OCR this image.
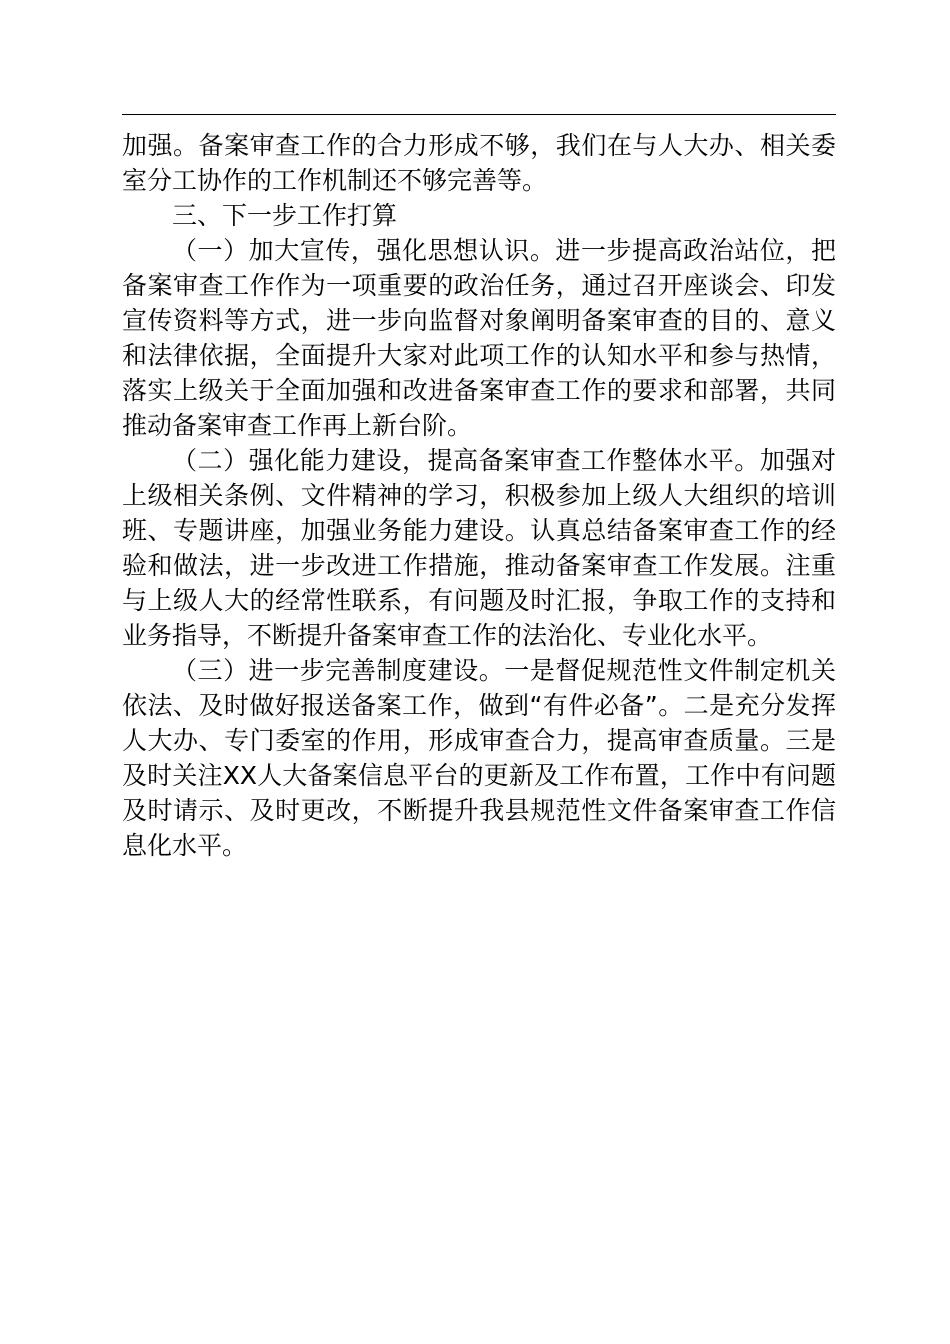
加强。备案审查工作的合力形成不够，我们在与人大办、相关委室分工协作的工作机制还不够完善等。

三、下一步工作打算

（一）加大宣传，强化思想认识。进一步提高政治站位，把备案审查工作作为一项重要的政治任务，通过召开座谈会、印发宣传资料等方式，进一步向监督对象阐明备案审查的目的、意义和法律依据，全面提升大家对此项工作的认知水平和参与热情，落实上级关于全面加强和改进备案审查工作的要求和部署，共同推动备案审查工作再上新台阶。

（二）强化能力建设，提高备案审查工作整体水平。加强对上级相关条例、文件精神的学习，积极参加上级人大组织的培训班、专题讲座，加强业务能力建设。认真总结备案审查工作的经验和做法，进一步改进工作措施，推动备案审查工作发展。注重与上级人大的经常性联系，有问题及时汇报，争取工作的支持和业务指导，不断提升备案审查工作的法治化、专业化水平。

（三）进一步完善制度建设。一是督促规范性文件制定机关依法、及时做好报送备案工作，做到“有件必备”。二是充分发挥人大办、专门委室的作用，形成审查合力，提高审查质量。三是及时关注XX人大备案信息平台的更新及工作布置，工作中有问题及时请示、及时更改，不断提升我县规范性文件备案审查工作信息化水平。
